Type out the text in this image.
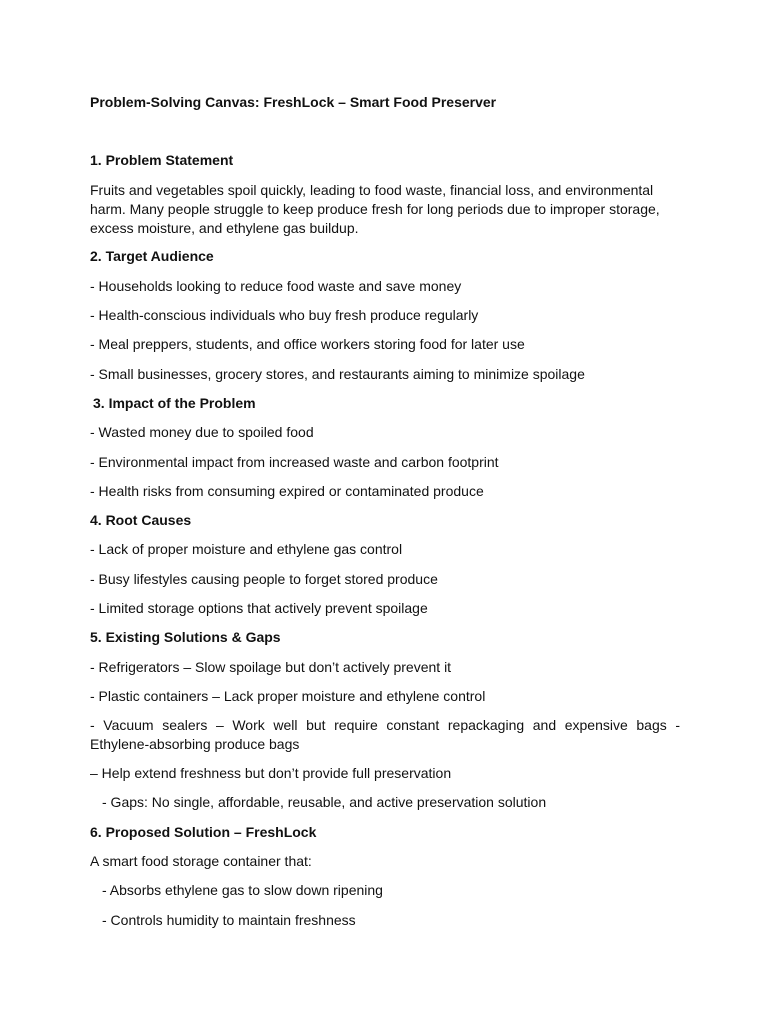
Problem-Solving Canvas: FreshLock – Smart Food Preserver

1. Problem Statement

Fruits and vegetables spoil quickly, leading to food waste, financial loss, and environmental harm. Many people struggle to keep produce fresh for long periods due to improper storage, excess moisture, and ethylene gas buildup.

2. Target Audience

- Households looking to reduce food waste and save money

- Health-conscious individuals who buy fresh produce regularly

- Meal preppers, students, and office workers storing food for later use

- Small businesses, grocery stores, and restaurants aiming to minimize spoilage

3. Impact of the Problem

- Wasted money due to spoiled food

- Environmental impact from increased waste and carbon footprint

- Health risks from consuming expired or contaminated produce

4. Root Causes

- Lack of proper moisture and ethylene gas control

- Busy lifestyles causing people to forget stored produce

- Limited storage options that actively prevent spoilage

5. Existing Solutions & Gaps

- Refrigerators – Slow spoilage but don’t actively prevent it

- Plastic containers – Lack proper moisture and ethylene control

- Vacuum sealers – Work well but require constant repackaging and expensive bags - Ethylene-absorbing produce bags

– Help extend freshness but don’t provide full preservation

- Gaps: No single, affordable, reusable, and active preservation solution

6. Proposed Solution – FreshLock

A smart food storage container that:

- Absorbs ethylene gas to slow down ripening

- Controls humidity to maintain freshness
